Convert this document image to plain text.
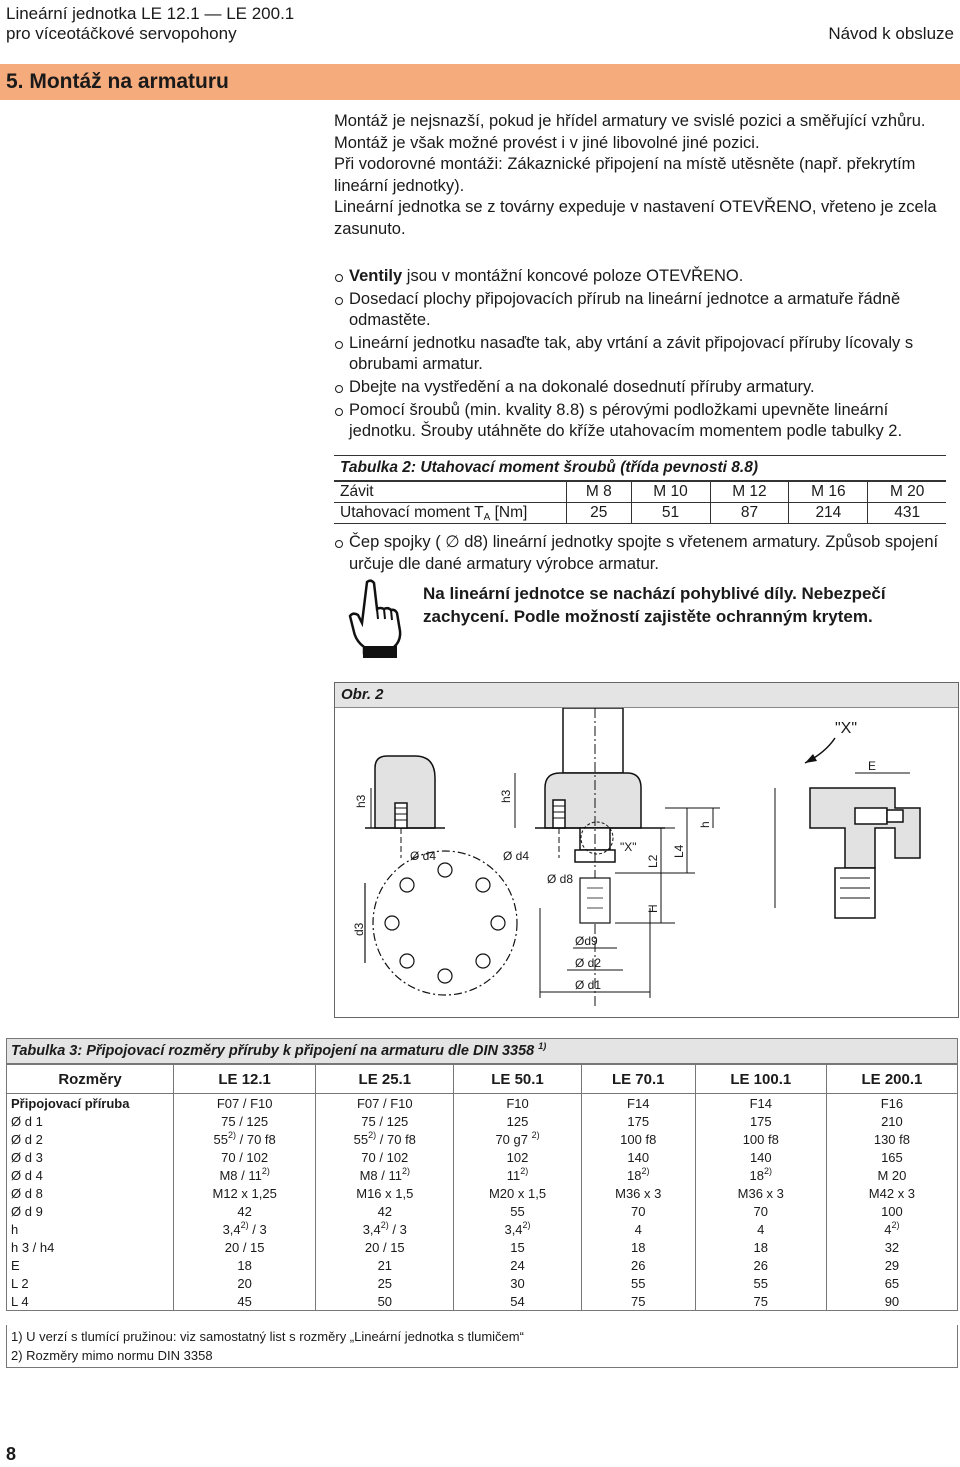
Lineární jednotka LE 12.1 — LE 200.1
pro víceotáčkové servopohony	Návod k obsluze
5. Montáž na armaturu

Montáž je nejsnazší, pokud je hřídel armatury ve svislé pozici a směřující vzhůru. Montáž je však možné provést i v jiné libovolné jiné pozici.

Při vodorovné montáži: Zákaznické připojení na místě utěsněte (např. překrytím lineární jednotky).

Lineární jednotka se z továrny expeduje v nastavení OTEVŘENO, vřeteno je zcela zasunuto.

Ventily jsou v montážní koncové poloze OTEVŘENO.
Dosedací plochy připojovacích přírub na lineární jednotce a armatuře řádně odmastěte.
Lineární jednotku nasaďte tak, aby vrtání a závit připojovací příruby lícovaly s obrubami armatur.
Dbejte na vystředění a na dokonalé dosednutí příruby armatury.
Pomocí šroubů (min. kvality 8.8) s pérovými podložkami upevněte lineární jednotku. Šrouby utáhněte do kříže utahovacím momentem podle tabulky 2.
Tabulka 2: Utahovací moment šroubů (třída pevnosti 8.8)
Závit	M 8	M 10	M 12	M 16	M 20
Utahovací moment $T_A$ [Nm]	25	51	87	214	431
Čep spojky ( ∅ d8) lineární jednotky spojte s vřetenem armatury. Způsob spojení určuje dle dané armatury výrobce armatur.
Na lineární jednotce se nachází pohyblivé díly. Nebezpečí zachycení. Podle možností zajistěte ochranným krytem.
Obr. 2
h3
Ø d4
h3
Ø d4
Ø d8
"X"
L2
L4
h
H
d3
Ød9
Ø d2
Ø d1
"X"
E
Tabulka 3: Připojovací rozměry příruby k připojení na armaturu dle DIN 3358 $^{1)}$
Rozměry	LE 12.1	LE 25.1	LE 50.1	LE 70.1	LE 100.1	LE 200.1
Připojovací příruba	F07 / F10	F07 / F10	F10	F14	F14	F16
Ø d 1	75 / 125	75 / 125	125	175	175	210
Ø d 2	55$^{2)}$ / 70 f8	55$^{2)}$ / 70 f8	70 g7 $^{2)}$	100 f8	100 f8	130 f8
Ø d 3	70 / 102	70 / 102	102	140	140	165
Ø d 4	M8 / 11$^{2)}$	M8 / 11$^{2)}$	11$^{2)}$	18$^{2)}$	18$^{2)}$	M 20
Ø d 8	M12 x 1,25	M16 x 1,5	M20 x 1,5	M36 x 3	M36 x 3	M42 x 3
Ø d 9	42	42	55	70	70	100
h	3,4$^{2)}$ / 3	3,4$^{2)}$ / 3	3,4$^{2)}$	4	4	4$^{2)}$
h 3 / h4	20 / 15	20 / 15	15	18	18	32
E	18	21	24	26	26	29
L 2	20	25	30	55	55	65
L 4	45	50	54	75	75	90
1) U verzí s tlumící pružinou: viz samostatný list s rozměry „Lineární jednotka s tlumičem“
2) Rozměry mimo normu DIN 3358
8
